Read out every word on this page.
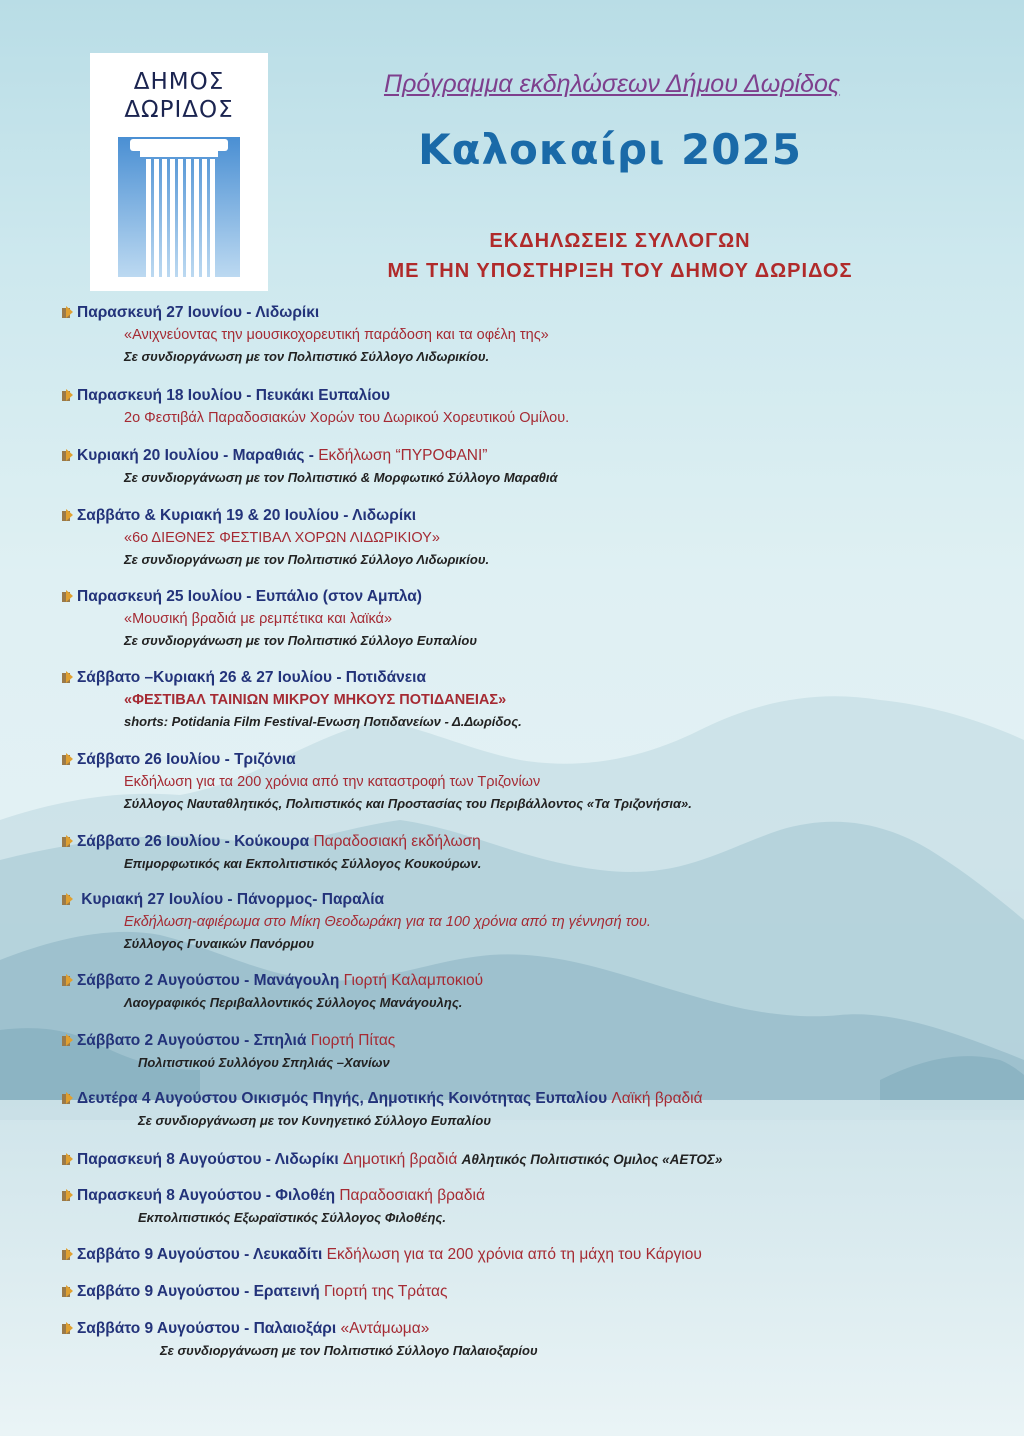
ΔΗΜΟΣ
ΔΩΡΙΔΟΣ
Πρόγραμμα εκδηλώσεων Δήμου Δωρίδος
Καλοκαίρι 2025
ΕΚΔΗΛΩΣΕΙΣ ΣΥΛΛΟΓΩΝ
ΜΕ ΤΗΝ ΥΠΟΣΤΗΡΙΞΗ ΤΟΥ ΔΗΜΟΥ ΔΩΡΙΔΟΣ
Παρασκευή 27 Ιουνίου - Λιδωρίκι
«Ανιχνεύοντας την μουσικοχορευτική παράδοση και τα οφέλη της»
Σε συνδιοργάνωση με τον Πολιτιστικό Σύλλογο Λιδωρικίου.
Παρασκευή 18 Ιουλίου - Πευκάκι Ευπαλίου
2ο Φεστιβάλ Παραδοσιακών Χορών του Δωρικού Χορευτικού Ομίλου.
Κυριακή 20 Ιουλίου - Μαραθιάς - Εκδήλωση “ΠΥΡΟΦΑΝΙ”
Σε συνδιοργάνωση με τον Πολιτιστικό & Μορφωτικό Σύλλογο Μαραθιά
Σαββάτο & Κυριακή 19 & 20 Ιουλίου - Λιδωρίκι
«6ο ΔΙΕΘΝΕΣ ΦΕΣΤΙΒΑΛ ΧΟΡΩΝ ΛΙΔΩΡΙΚΙΟΥ»
Σε συνδιοργάνωση με τον Πολιτιστικό Σύλλογο Λιδωρικίου.
Παρασκευή 25 Ιουλίου - Ευπάλιο (στον Αμπλα)
«Μουσική βραδιά με ρεμπέτικα και λαϊκά»
Σε συνδιοργάνωση με τον Πολιτιστικό Σύλλογο Ευπαλίου
Σάββατο –Κυριακή 26 & 27 Ιουλίου - Ποτιδάνεια
«ΦΕΣΤΙΒΑΛ ΤΑΙΝΙΩΝ ΜΙΚΡΟΥ ΜΗΚΟΥΣ ΠΟΤΙΔΑΝΕΙΑΣ»
shorts: Potidania Film Festival-Ενωση Ποτιδανείων - Δ.Δωρίδος.
Σάββατο 26 Ιουλίου - Τριζόνια
Εκδήλωση για τα 200 χρόνια από την καταστροφή των Τριζονίων
Σύλλογος Ναυταθλητικός, Πολιτιστικός και Προστασίας του Περιβάλλοντος «Τα Τριζονήσια».
Σάββατο 26 Ιουλίου - Κούκουρα Παραδοσιακή εκδήλωση
Επιμορφωτικός και Εκπολιτιστικός Σύλλογος Κουκούρων.
Κυριακή 27 Ιουλίου - Πάνορμος- Παραλία
Εκδήλωση-αφιέρωμα στο Μίκη Θεοδωράκη για τα 100 χρόνια από τη γέννησή του.
Σύλλογος Γυναικών Πανόρμου
Σάββατο 2 Αυγούστου - Μανάγουλη Γιορτή Καλαμποκιού
Λαογραφικός Περιβαλλοντικός Σύλλογος Μανάγουλης.
Σάββατο 2 Αυγούστου - Σπηλιά Γιορτή Πίτας
Πολιτιστικού Συλλόγου Σπηλιάς –Χανίων
Δευτέρα 4 Αυγούστου Οικισμός Πηγής, Δημοτικής Κοινότητας Ευπαλίου Λαϊκή βραδιά
Σε συνδιοργάνωση με τον Κυνηγετικό Σύλλογο Ευπαλίου
Παρασκευή 8 Αυγούστου - Λιδωρίκι Δημοτική βραδιά Αθλητικός Πολιτιστικός Ομιλος «ΑΕΤΟΣ»
Παρασκευή 8 Αυγούστου - Φιλοθέη Παραδοσιακή βραδιά
Εκπολιτιστικός Εξωραϊστικός Σύλλογος Φιλοθέης.
Σαββάτο 9 Αυγούστου - Λευκαδίτι Εκδήλωση για τα 200 χρόνια από τη μάχη του Κάργιου
Σαββάτο 9 Αυγούστου - Ερατεινή Γιορτή της Τράτας
Σαββάτο 9 Αυγούστου - Παλαιοξάρι «Αντάμωμα»
Σε συνδιοργάνωση με τον Πολιτιστικό Σύλλογο Παλαιοξαρίου
